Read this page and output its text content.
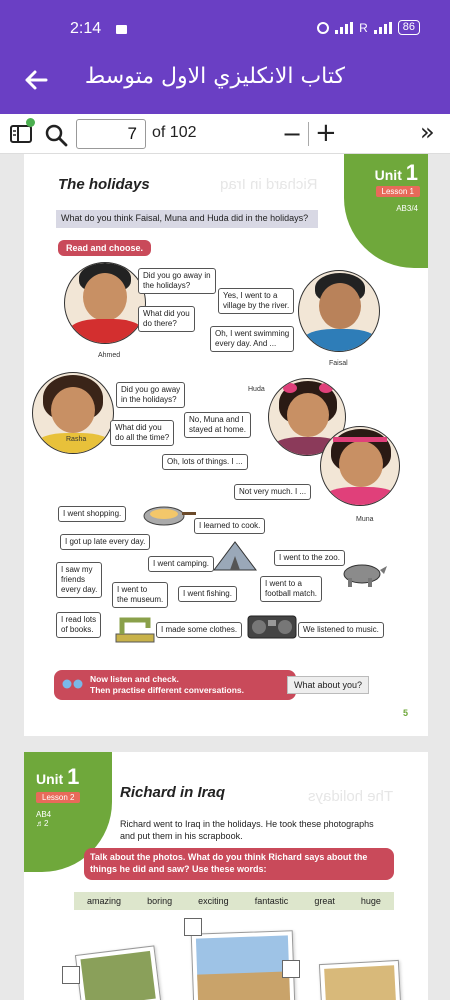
2:14	R	86
كتاب الانكليزي الاول متوسط
7 of 102	− +	»
Richard in Iraq
Unit 1
Lesson 1
AB3/4
The holidays
What do you think Faisal, Muna and Huda did in the holidays?
Read and choose.
Ahmed
Faisal
Rasha
Huda
Muna
Did you go away in
the holidays?
What did you
do there?
Yes, I went to a
village by the river.
Oh, I went swimming
every day. And ...
Did you go away
in the holidays?
What did you
do all the time?
No, Muna and I
stayed at home.
Oh, lots of things. I ...
Not very much. I ...
I went shopping.
I learned to cook.
I got up late every day.
I went camping.
I went to the zoo.
I saw my
friends
every day.	I went to
the museum.
I went fishing.
I went to a
football match.
I read lots
of books.	I made some clothes.	We listened to music.
Now listen and check.
Then practise different conversations.	What about you?
5
The holidays
Unit 1
Lesson 2
AB4
♬2
Richard in Iraq
Richard went to Iraq in the holidays. He took these photographs and put them in his scrapbook.
Talk about the photos. What do you think Richard says about the things he did and saw? Use these words:
amazing	boring	exciting	fantastic	great	huge
